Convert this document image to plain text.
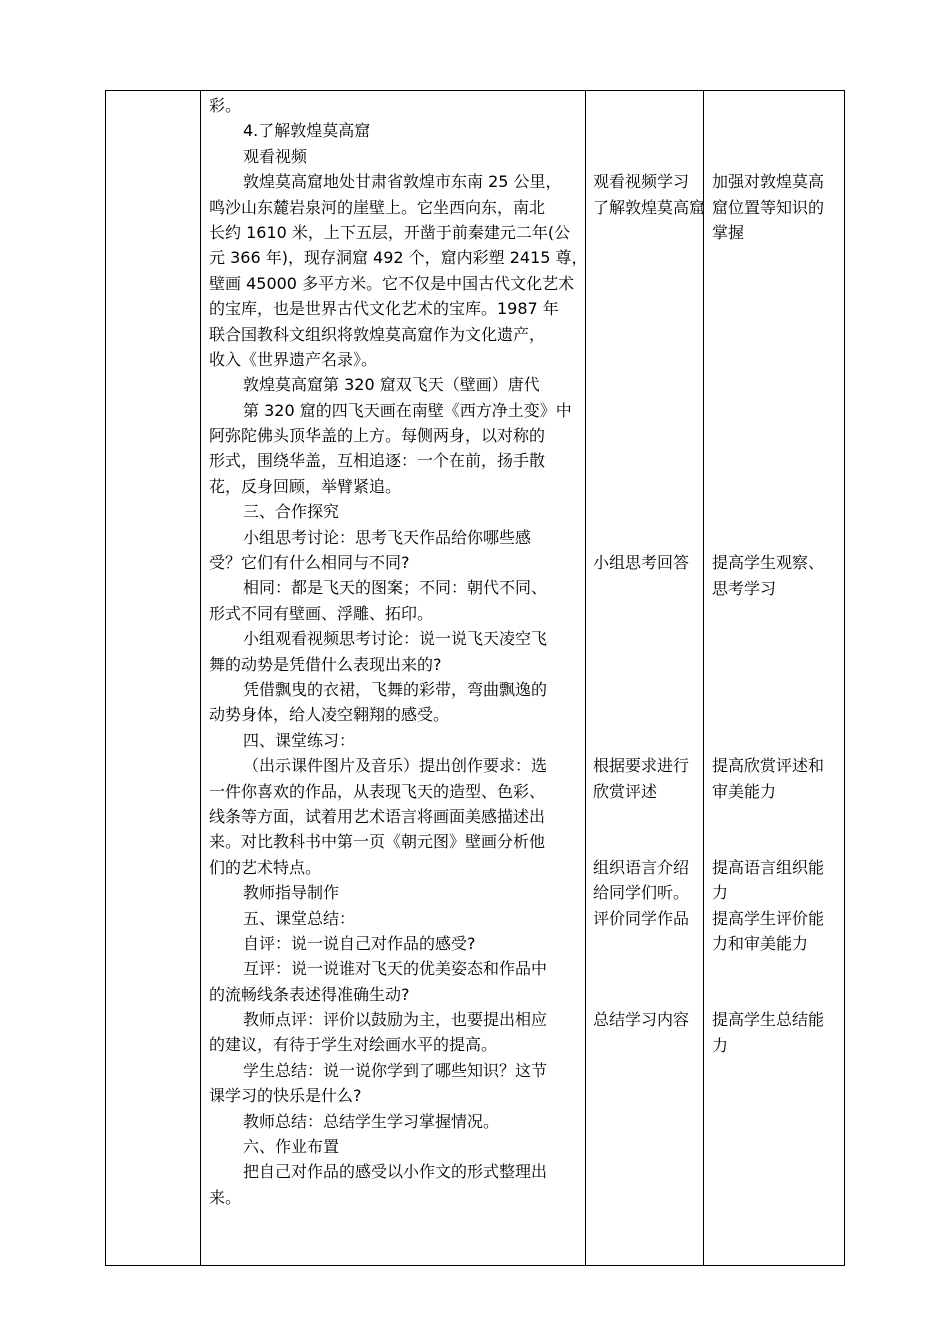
彩。
4.了解敦煌莫高窟
观看视频
敦煌莫高窟地处甘肃省敦煌市东南 25 公里，
鸣沙山东麓岩泉河的崖壁上。它坐西向东，南北
长约 1610 米，上下五层，开凿于前秦建元二年(公
元 366 年)，现存洞窟 492 个，窟内彩塑 2415 尊，
壁画 45000 多平方米。它不仅是中国古代文化艺术
的宝库，也是世界古代文化艺术的宝库。1987 年
联合国教科文组织将敦煌莫高窟作为文化遗产，
收入《世界遗产名录》。
敦煌莫高窟第 320 窟双飞天（壁画）唐代
第 320 窟的四飞天画在南壁《西方净土变》中
阿弥陀佛头顶华盖的上方。每侧两身，以对称的
形式，围绕华盖，互相追逐：一个在前，扬手散
花，反身回顾，举臂紧追。
三、合作探究
小组思考讨论：思考飞天作品给你哪些感
受？它们有什么相同与不同?
相同：都是飞天的图案；不同：朝代不同、
形式不同有壁画、浮雕、拓印。
小组观看视频思考讨论：说一说飞天凌空飞
舞的动势是凭借什么表现出来的?
凭借飘曳的衣裙，飞舞的彩带，弯曲飘逸的
动势身体，给人凌空翱翔的感受。
四、课堂练习：
（出示课件图片及音乐）提出创作要求：选
一件你喜欢的作品，从表现飞天的造型、色彩、
线条等方面，试着用艺术语言将画面美感描述出
来。对比教科书中第一页《朝元图》壁画分析他
们的艺术特点。
教师指导制作
五、课堂总结：
自评：说一说自己对作品的感受?
互评：说一说谁对飞天的优美姿态和作品中
的流畅线条表述得准确生动?
教师点评：评价以鼓励为主，也要提出相应
的建议，有待于学生对绘画水平的提高。
学生总结：说一说你学到了哪些知识？这节
课学习的快乐是什么?
教师总结：总结学生学习掌握情况。
六、作业布置
把自己对作品的感受以小作文的形式整理出
来。
观看视频学习
了解敦煌莫高窟
小组思考回答
根据要求进行
欣赏评述
组织语言介绍
给同学们听。
评价同学作品
总结学习内容
加强对敦煌莫高
窟位置等知识的
掌握
提高学生观察、
思考学习
提高欣赏评述和
审美能力
提高语言组织能
力
提高学生评价能
力和审美能力
提高学生总结能
力
